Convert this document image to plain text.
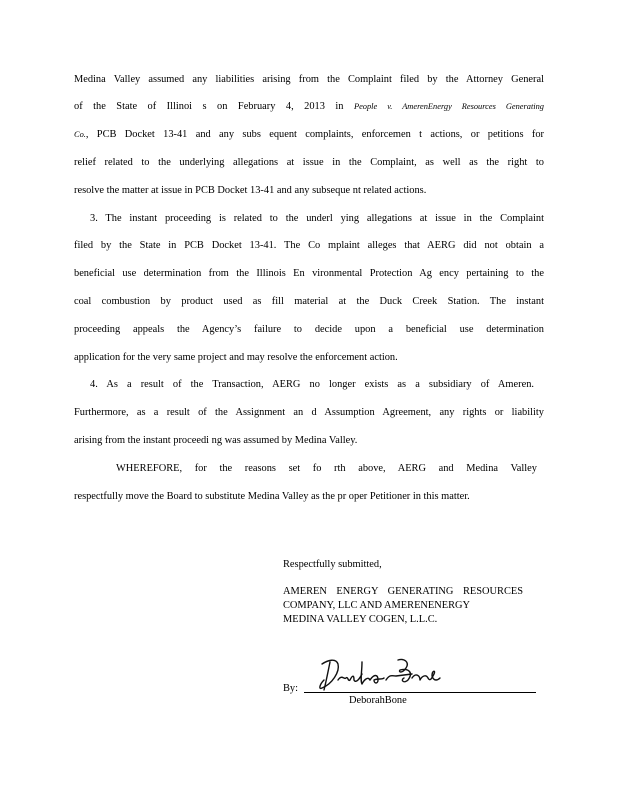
Medina Valley assumed any liabilities arising from the Complaint filed by the Attorney General
of the State of Illinoi s on February 4, 2013 in People v. AmerenEnergy Resources Generating
Co., PCB Docket 13-41 and any subs equent complaints, enforcemen t actions, or petitions for
relief related to the underlying allegations at issue in the Complaint, as well as the right to
resolve the matter at issue in PCB Docket 13-41 and any subseque nt related actions.
3. The instant proceeding is related to the underl ying allegations at issue in the Complaint
filed by the State in PCB Docket 13-41. The Co mplaint alleges that AERG did not obtain a
beneficial use determination from the Illinois En vironmental Protection Ag ency pertaining to the
coal combustion by product used as fill material at the Duck Creek Station. The instant
proceeding appeals the Agency’s failure to decide upon a beneficial use determination
application for the very same project and may resolve the enforcement action.
4. As a result of the Transaction, AERG no longer exists as a subsidiary of Ameren.
Furthermore, as a result of the Assignment an d Assumption Agreement, any rights or liability
arising from the instant proceedi ng was assumed by Medina Valley.
WHEREFORE, for the reasons set fo rth above, AERG and Medina Valley
respectfully move the Board to substitute Medina Valley as the pr oper Petitioner in this matter.
Respectfully submitted,
AMEREN ENERGY GENERATING RESOURCES
COMPANY, LLC AND AMERENENERGY
MEDINA VALLEY COGEN, L.L.C.
By:
DeborahBone
